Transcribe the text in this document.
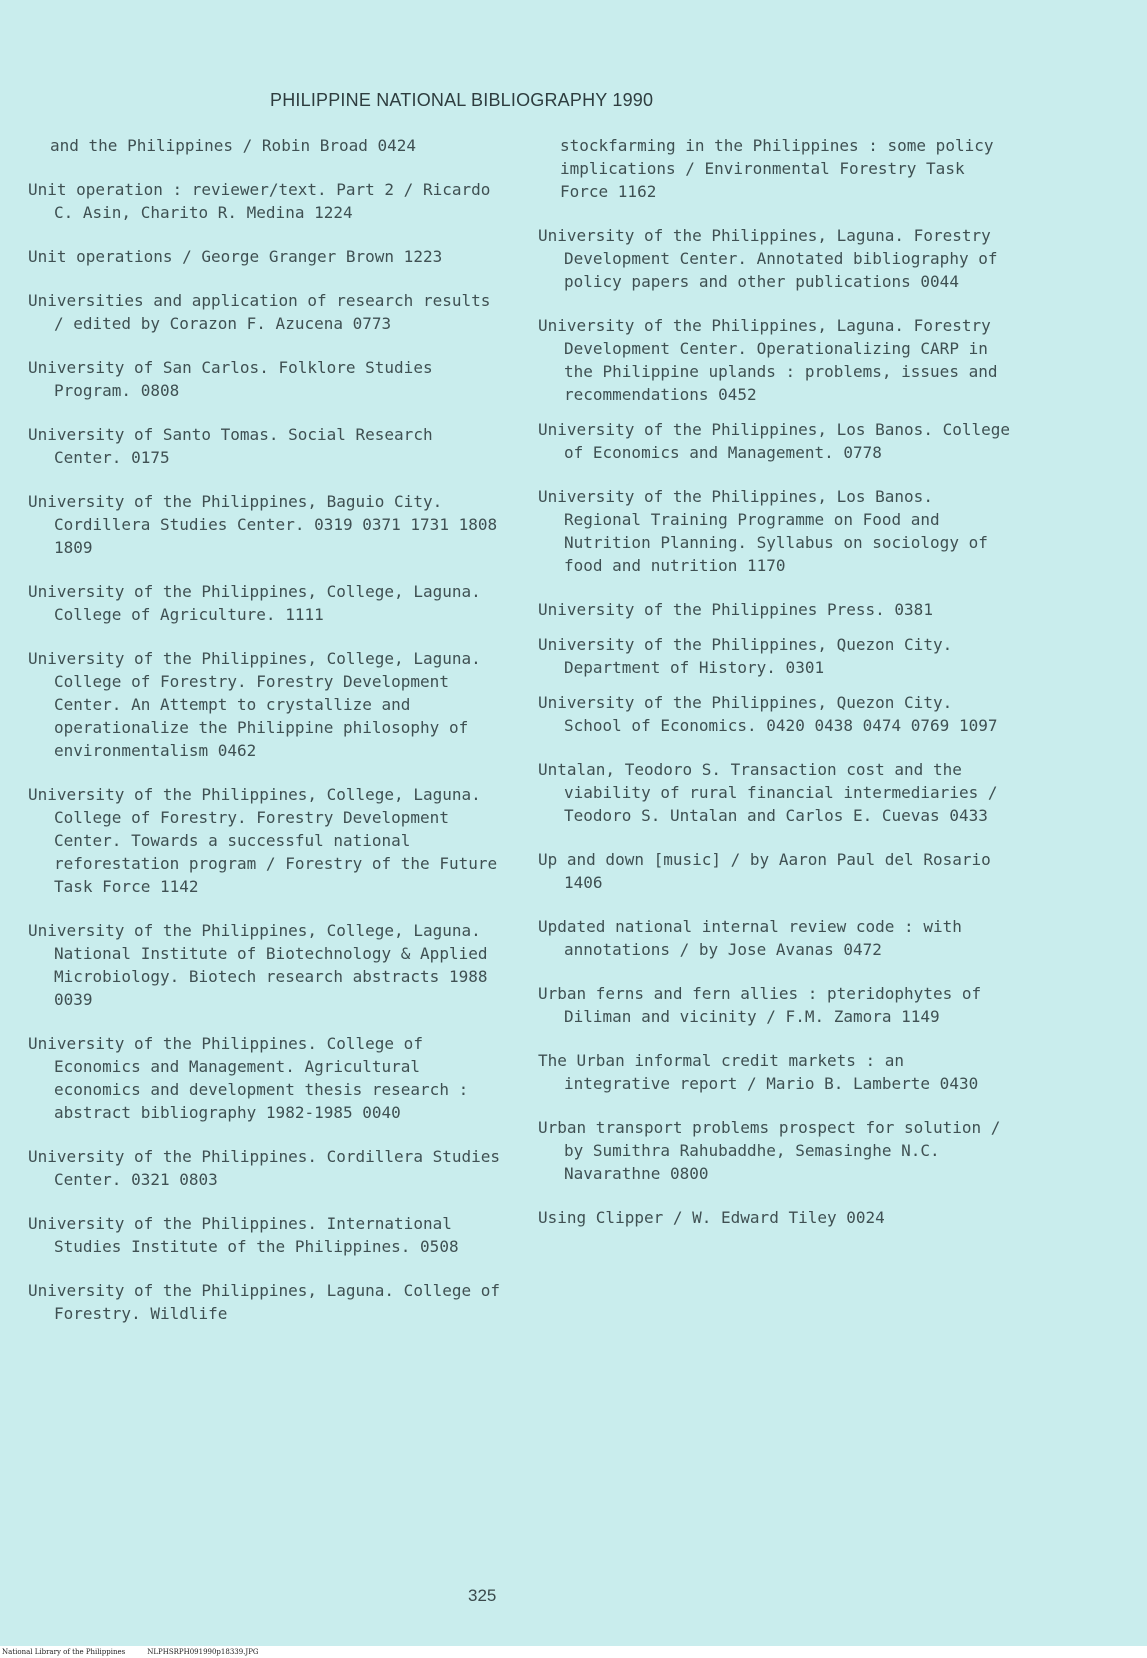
PHILIPPINE NATIONAL BIBLIOGRAPHY 1990
and the Philippines / Robin Broad 0424
Unit operation : reviewer/text. Part 2 / Ricardo C. Asin, Charito R. Medina 1224
Unit operations / George Granger Brown 1223
Universities and application of research results / edited by Corazon F. Azucena 0773
University of San Carlos. Folklore Studies Program. 0808
University of Santo Tomas. Social Research Center. 0175
University of the Philippines, Baguio City. Cordillera Studies Center. 0319 0371 1731 1808 1809
University of the Philippines, College, Laguna. College of Agriculture. 1111
University of the Philippines, College, Laguna. College of Forestry. Forestry Development Center. An Attempt to crystallize and operationalize the Philippine philosophy of environmentalism 0462
University of the Philippines, College, Laguna. College of Forestry. Forestry Development Center. Towards a successful national reforestation program / Forestry of the Future Task Force 1142
University of the Philippines, College, Laguna. National Institute of Biotechnology & Applied Microbiology. Biotech research abstracts 1988 0039
University of the Philippines. College of Economics and Management. Agricultural economics and development thesis research : abstract bibliography 1982-1985 0040
University of the Philippines. Cordillera Studies Center. 0321 0803
University of the Philippines. International Studies Institute of the Philippines. 0508
University of the Philippines, Laguna. College of Forestry. Wildlife
stockfarming in the Philippines : some policy implications / Environmental Forestry Task Force 1162
University of the Philippines, Laguna. Forestry Development Center. Annotated bibliography of policy papers and other publications 0044
University of the Philippines, Laguna. Forestry Development Center. Operationalizing CARP in the Philippine uplands : problems, issues and recommendations 0452
University of the Philippines, Los Banos. College of Economics and Management. 0778
University of the Philippines, Los Banos. Regional Training Programme on Food and Nutrition Planning. Syllabus on sociology of food and nutrition 1170
University of the Philippines Press. 0381
University of the Philippines, Quezon City. Department of History. 0301
University of the Philippines, Quezon City. School of Economics. 0420 0438 0474 0769 1097
Untalan, Teodoro S. Transaction cost and the viability of rural financial intermediaries / Teodoro S. Untalan and Carlos E. Cuevas 0433
Up and down [music] / by Aaron Paul del Rosario 1406
Updated national internal review code : with annotations / by Jose Avanas 0472
Urban ferns and fern allies : pteridophytes of Diliman and vicinity / F.M. Zamora 1149
The Urban informal credit markets : an integrative report / Mario B. Lamberte 0430
Urban transport problems prospect for solution / by Sumithra Rahubaddhe, Semasinghe N.C. Navarathne 0800
Using Clipper / W. Edward Tiley 0024
325
National Library of the Philippines	NLPHSRPH091990p18339.JPG
